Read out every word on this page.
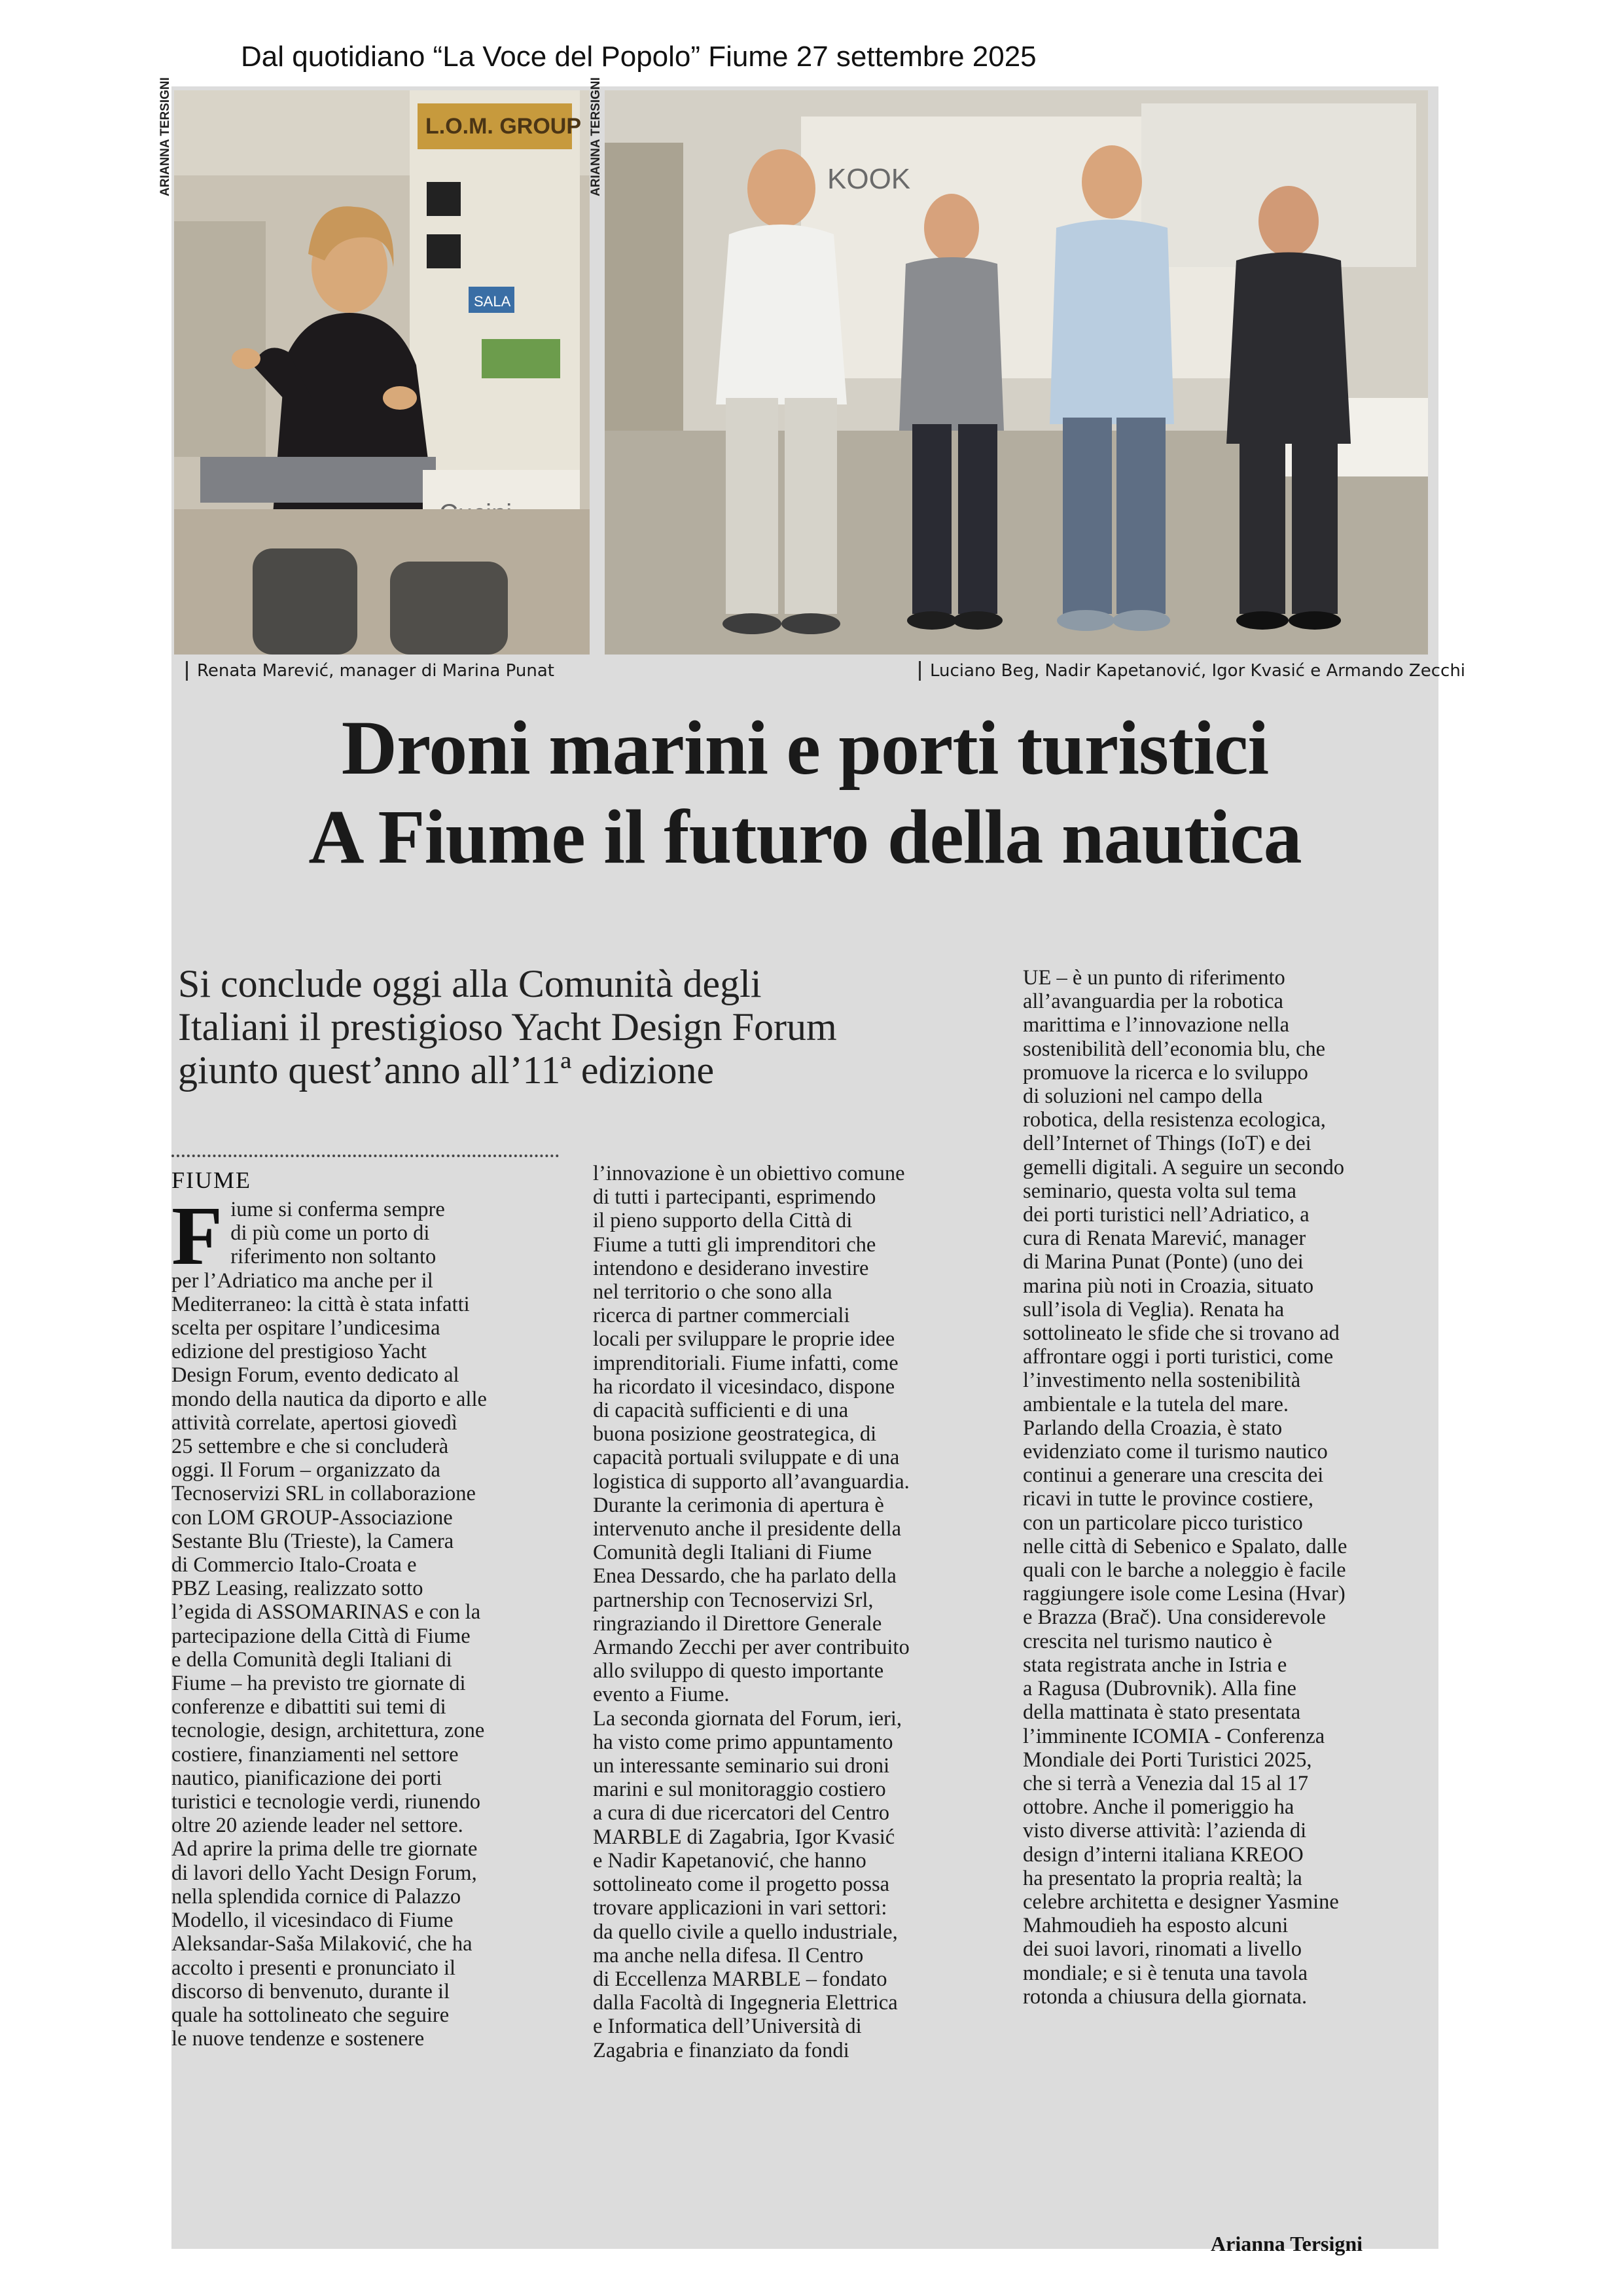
Dal quotidiano “La Voce del Popolo” Fiume 27 settembre 2025
L.O.M. GROUP
SALA
ARIANNA TERSIGNI	KOOK
ARIANNA TERSIGNI
Renata Marević, manager di Marina Punat	Luciano Beg, Nadir Kapetanović, Igor Kvasić e Armando Zecchi
Droni marini e porti turistici
A Fiume il futuro della nautica
Si conclude oggi alla Comunità degli
Italiani il prestigioso Yacht Design Forum
giunto quest’anno all’11ª edizione
FIUME
F iume si conferma sempre

di più come un porto di

riferimento non soltanto

per l’Adriatico ma anche per il

Mediterraneo: la città è stata infatti

scelta per ospitare l’undicesima

edizione del prestigioso Yacht

Design Forum, evento dedicato al

mondo della nautica da diporto e alle

attività correlate, apertosi giovedì

25 settembre e che si concluderà

oggi. Il Forum – organizzato da

Tecnoservizi SRL in collaborazione

con LOM GROUP-Associazione

Sestante Blu (Trieste), la Camera

di Commercio Italo-Croata e

PBZ Leasing, realizzato sotto

l’egida di ASSOMARINAS e con la

partecipazione della Città di Fiume

e della Comunità degli Italiani di

Fiume – ha previsto tre giornate di

conferenze e dibattiti sui temi di

tecnologie, design, architettura, zone

costiere, finanziamenti nel settore

nautico, pianificazione dei porti

turistici e tecnologie verdi, riunendo

oltre 20 aziende leader nel settore.

Ad aprire la prima delle tre giornate

di lavori dello Yacht Design Forum,

nella splendida cornice di Palazzo

Modello, il vicesindaco di Fiume

Aleksandar-Saša Milaković, che ha

accolto i presenti e pronunciato il

discorso di benvenuto, durante il

quale ha sottolineato che seguire

le nuove tendenze e sostenere

l’innovazione è un obiettivo comune

di tutti i partecipanti, esprimendo

il pieno supporto della Città di

Fiume a tutti gli imprenditori che

intendono e desiderano investire

nel territorio o che sono alla

ricerca di partner commerciali

locali per sviluppare le proprie idee

imprenditoriali. Fiume infatti, come

ha ricordato il vicesindaco, dispone

di capacità sufficienti e di una

buona posizione geostrategica, di

capacità portuali sviluppate e di una

logistica di supporto all’avanguardia.

Durante la cerimonia di apertura è

intervenuto anche il presidente della

Comunità degli Italiani di Fiume

Enea Dessardo, che ha parlato della

partnership con Tecnoservizi Srl,

ringraziando il Direttore Generale

Armando Zecchi per aver contribuito

allo sviluppo di questo importante

evento a Fiume.

La seconda giornata del Forum, ieri,

ha visto come primo appuntamento

un interessante seminario sui droni

marini e sul monitoraggio costiero

a cura di due ricercatori del Centro

MARBLE di Zagabria, Igor Kvasić

e Nadir Kapetanović, che hanno

sottolineato come il progetto possa

trovare applicazioni in vari settori:

da quello civile a quello industriale,

ma anche nella difesa. Il Centro

di Eccellenza MARBLE – fondato

dalla Facoltà di Ingegneria Elettrica

e Informatica dell’Università di

Zagabria e finanziato da fondi

UE – è un punto di riferimento

all’avanguardia per la robotica

marittima e l’innovazione nella

sostenibilità dell’economia blu, che

promuove la ricerca e lo sviluppo

di soluzioni nel campo della

robotica, della resistenza ecologica,

dell’Internet of Things (IoT) e dei

gemelli digitali. A seguire un secondo

seminario, questa volta sul tema

dei porti turistici nell’Adriatico, a

cura di Renata Marević, manager

di Marina Punat (Ponte) (uno dei

marina più noti in Croazia, situato

sull’isola di Veglia). Renata ha

sottolineato le sfide che si trovano ad

affrontare oggi i porti turistici, come

l’investimento nella sostenibilità

ambientale e la tutela del mare.

Parlando della Croazia, è stato

evidenziato come il turismo nautico

continui a generare una crescita dei

ricavi in tutte le province costiere,

con un particolare picco turistico

nelle città di Sebenico e Spalato, dalle

quali con le barche a noleggio è facile

raggiungere isole come Lesina (Hvar)

e Brazza (Brač). Una considerevole

crescita nel turismo nautico è

stata registrata anche in Istria e

a Ragusa (Dubrovnik). Alla fine

della mattinata è stato presentata

l’imminente ICOMIA - Conferenza

Mondiale dei Porti Turistici 2025,

che si terrà a Venezia dal 15 al 17

ottobre. Anche il pomeriggio ha

visto diverse attività: l’azienda di

design d’interni italiana KREOO

ha presentato la propria realtà; la

celebre architetta e designer Yasmine

Mahmoudieh ha esposto alcuni

dei suoi lavori, rinomati a livello

mondiale; e si è tenuta una tavola

rotonda a chiusura della giornata.

Arianna Tersigni
